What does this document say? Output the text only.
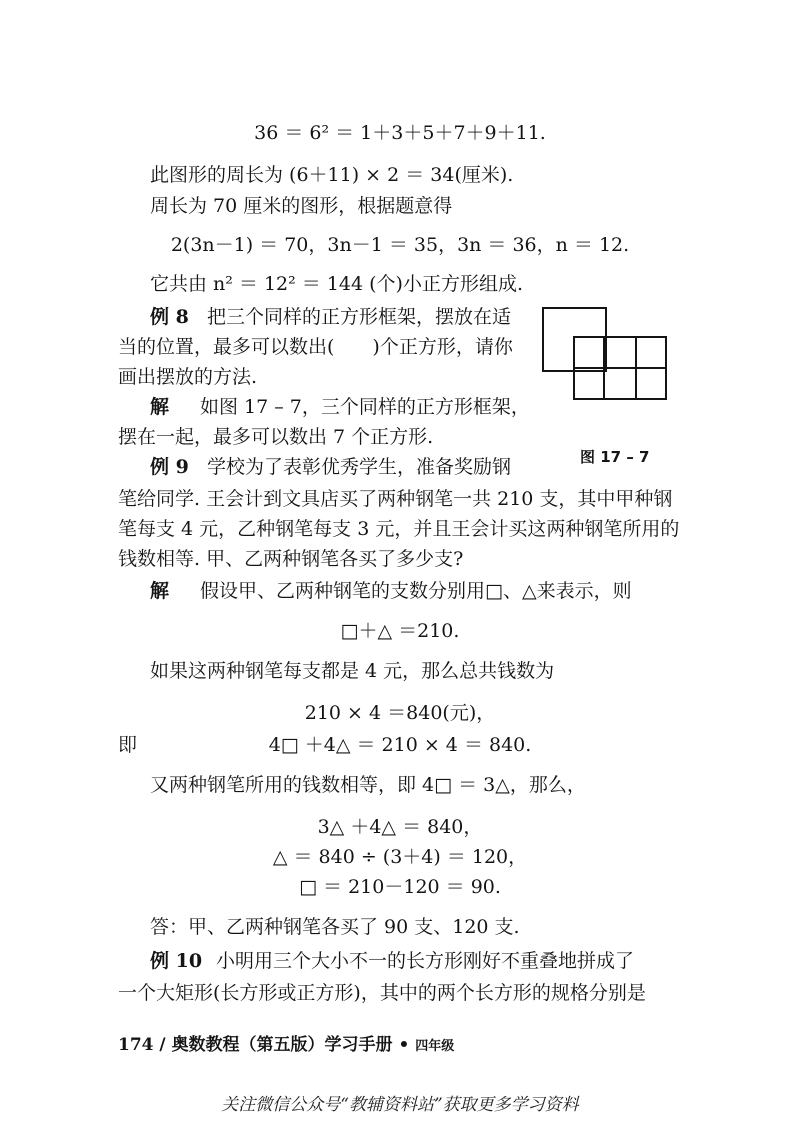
36 ＝ 6² ＝ 1＋3＋5＋7＋9＋11.
此图形的周长为 (6＋11) × 2 ＝ 34(厘米).
周长为 70 厘米的图形，根据题意得
2(3n－1) ＝ 70，3n－1 ＝ 35，3n ＝ 36，n ＝ 12.
它共由 n² ＝ 12² ＝ 144 (个)小正方形组成.
例 8 把三个同样的正方形框架，摆放在适
当的位置，最多可以数出(　　)个正方形，请你
画出摆放的方法.
解 如图 17 – 7，三个同样的正方形框架，
摆在一起，最多可以数出 7 个正方形.
图 17 – 7
例 9 学校为了表彰优秀学生，准备奖励钢
笔给同学. 王会计到文具店买了两种钢笔一共 210 支，其中甲种钢
笔每支 4 元，乙种钢笔每支 3 元，并且王会计买这两种钢笔所用的
钱数相等. 甲、乙两种钢笔各买了多少支?
解 假设甲、乙两种钢笔的支数分别用□、△来表示，则
□＋△ ＝210.
如果这两种钢笔每支都是 4 元，那么总共钱数为
210 × 4 ＝840(元)，
即	4□ ＋4△ ＝ 210 × 4 ＝ 840.
又两种钢笔所用的钱数相等，即 4□ ＝ 3△，那么，
3△ ＋4△ ＝ 840，
△ ＝ 840 ÷ (3＋4) ＝ 120，
□ ＝ 210－120 ＝ 90.
答：甲、乙两种钢笔各买了 90 支、120 支.
例 10 小明用三个大小不一的长方形刚好不重叠地拼成了
一个大矩形(长方形或正方形)，其中的两个长方形的规格分别是
174 / 奥数教程（第五版）学习手册 • 四年级
关注微信公众号“教辅资料站”获取更多学习资料
